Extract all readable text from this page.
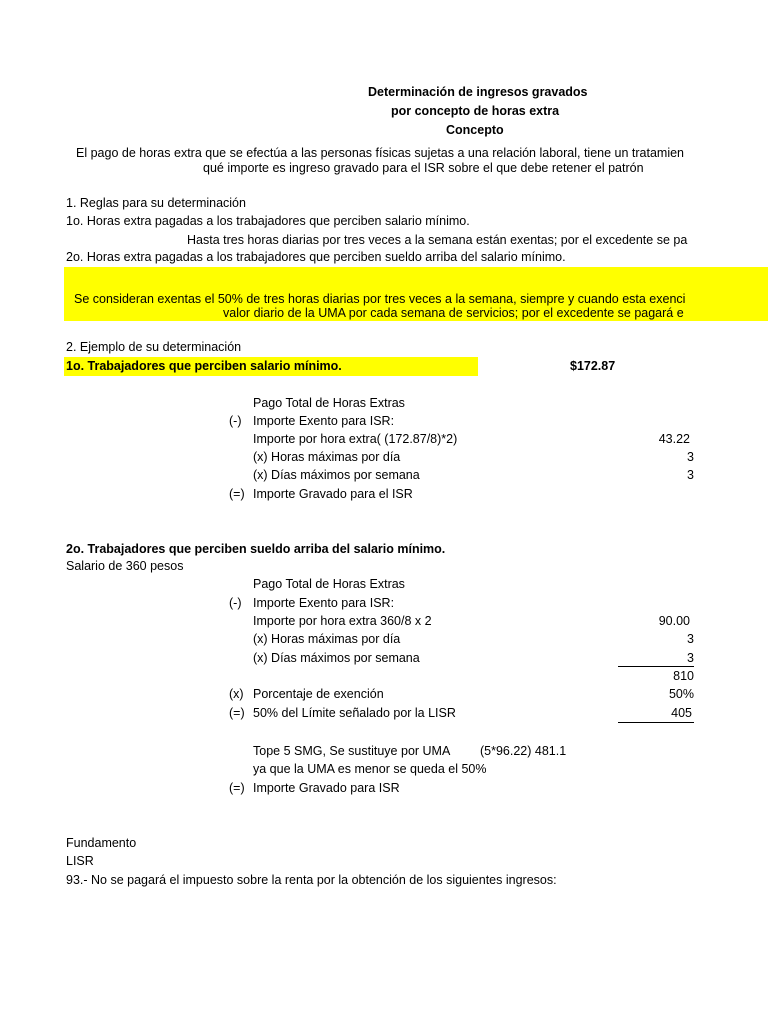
Determinación de ingresos gravados
por concepto de horas extra
Concepto
El pago de horas extra que se efectúa a las personas físicas sujetas a una relación laboral, tiene un tratamien
qué importe es ingreso gravado para el ISR sobre el que debe retener el patrón
1. Reglas para su determinación
1o. Horas extra pagadas a los trabajadores que perciben salario mínimo.
Hasta tres horas diarias por tres veces a la semana están exentas; por el excedente se pa
2o. Horas extra pagadas a los trabajadores que perciben sueldo arriba del salario mínimo.
Se consideran exentas el 50% de tres horas diarias por tres veces a la semana, siempre y cuando esta exenci
valor diario de la UMA por cada semana de servicios; por el excedente se pagará e
2. Ejemplo de su determinación
1o. Trabajadores que perciben salario mínimo.	$172.87
Pago Total de Horas Extras
(-) Importe Exento para ISR:
Importe por hora extra( (172.87/8)*2)	43.22
(x) Horas máximas por día	3
(x) Días máximos por semana	3
(=) Importe Gravado para el ISR
2o. Trabajadores que perciben sueldo arriba del salario mínimo.
Salario de 360 pesos
Pago Total de Horas Extras
(-) Importe Exento para ISR:
Importe por hora extra 360/8 x 2	90.00
(x) Horas máximas por día	3
(x) Días máximos por semana	3
810
(x) Porcentaje de exención	50%
(=) 50% del Límite señalado por la LISR	405
Tope 5 SMG, Se sustituye por UMA (5*96.22) 481.1
ya que la UMA es menor se queda el 50%
(=) Importe Gravado para ISR
Fundamento
LISR
93.- No se pagará el impuesto sobre la renta por la obtención de los siguientes ingresos:
